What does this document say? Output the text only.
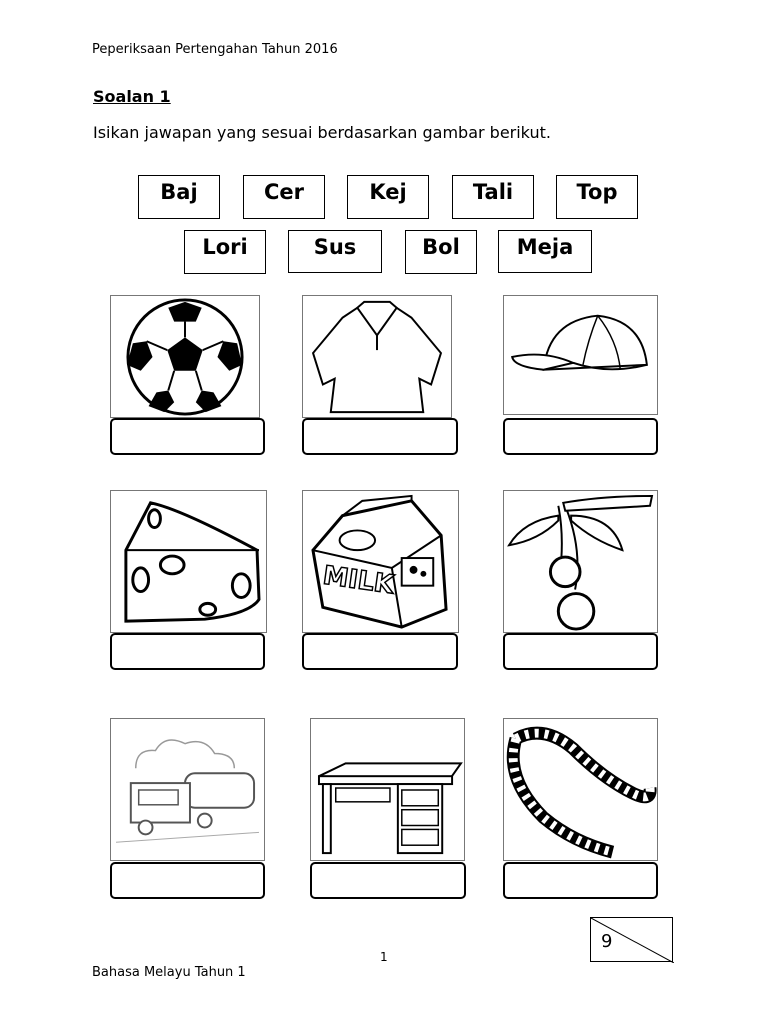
Peperiksaan Pertengahan Tahun 2016
Soalan 1
Isikan jawapan yang sesuai berdasarkan gambar berikut.
Baj	Cer	Kej	Tali	Top
Lori	Sus	Bol	Meja
MILK
9
1
Bahasa Melayu Tahun 1
